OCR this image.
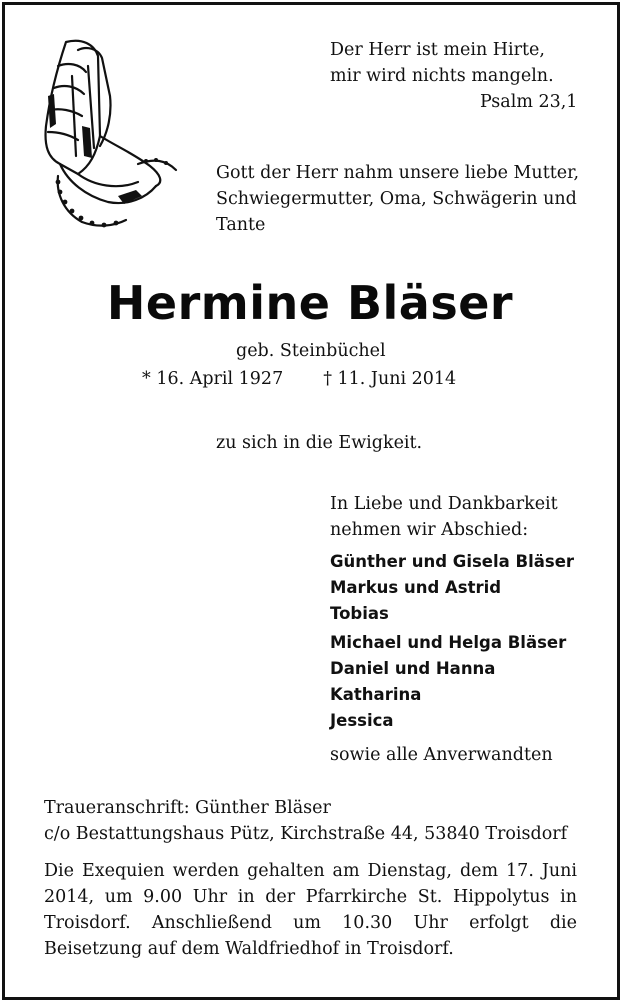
Der Herr ist mein Hirte,
mir wird nichts mangeln.
Psalm 23,1
Gott der Herr nahm unsere liebe Mutter,
Schwiegermutter, Oma, Schwägerin und
Tante
Hermine Bläser
geb. Steinbüchel
* 16. April 1927 † 11. Juni 2014
zu sich in die Ewigkeit.
In Liebe und Dankbarkeit
nehmen wir Abschied:
Günther und Gisela Bläser
Markus und Astrid
Tobias
Michael und Helga Bläser
Daniel und Hanna
Katharina
Jessica
sowie alle Anverwandten
Traueranschrift: Günther Bläser
c/o Bestattungshaus Pütz, Kirchstraße 44, 53840 Troisdorf
Die Exequien werden gehalten am Dienstag, dem 17. Juni 2014, um 9.00 Uhr in der Pfarrkirche St. Hippolytus in Troisdorf. Anschließend um 10.30 Uhr erfolgt die Beisetzung auf dem Waldfriedhof in Troisdorf.
